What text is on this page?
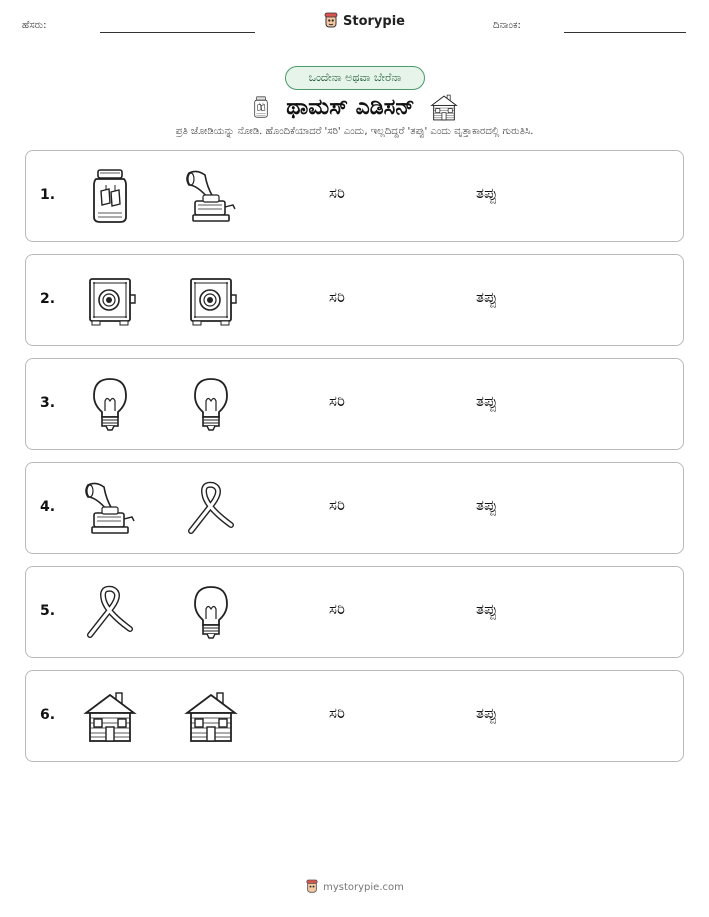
ಹೆಸರು:	Storypie	ದಿನಾಂಕ:
ಒಂದೇನಾ ಅಥವಾ ಬೇರೆನಾ
ಥಾಮಸ್ ಎಡಿಸನ್
ಪ್ರತಿ ಜೋಡಿಯನ್ನು ನೋಡಿ. ಹೊಂದಿಕೆಯಾದರೆ 'ಸರಿ' ಎಂದು, ಇಲ್ಲದಿದ್ದರೆ 'ತಪ್ಪು' ಎಂದು ವೃತ್ತಾಕಾರದಲ್ಲಿ ಗುರುತಿಸಿ.
1.	ಸರಿ	ತಪ್ಪು
2.	ಸರಿ	ತಪ್ಪು
3.	ಸರಿ	ತಪ್ಪು
4.	ಸರಿ	ತಪ್ಪು
5.	ಸರಿ	ತಪ್ಪು
6.	ಸರಿ	ತಪ್ಪು
mystorypie.com
